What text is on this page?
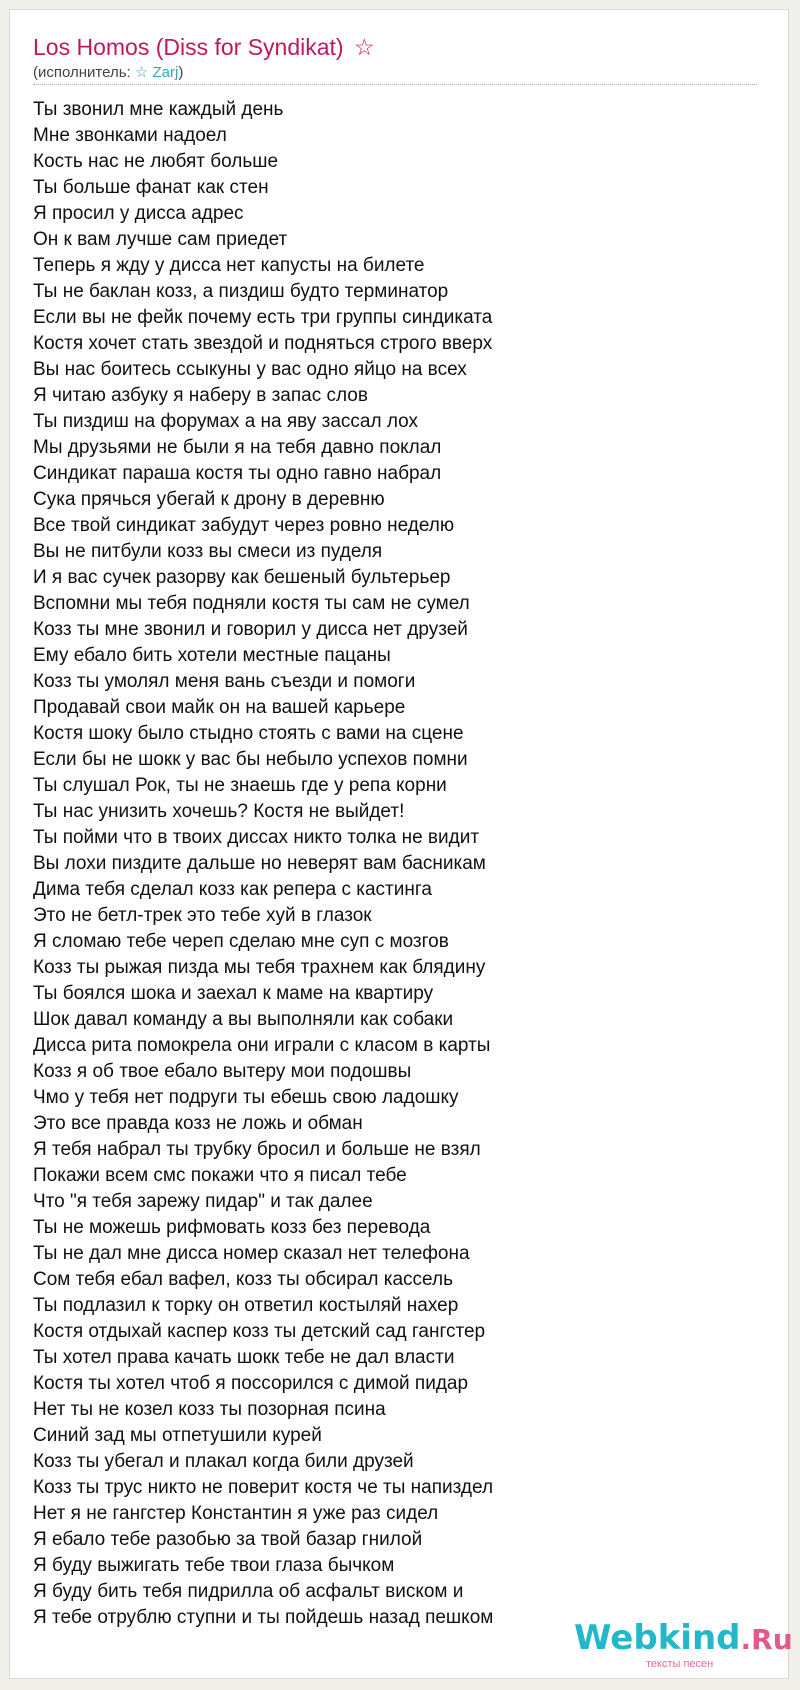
Los Homos (Diss for Syndikat) ☆
(исполнитель: ☆ Zarj)
Ты звонил мне каждый день
Мне звонками надоел
Кость нас не любят больше
Ты больше фанат как стен
Я просил у дисса адрес
Он к вам лучше сам приедет
Теперь я жду у дисса нет капусты на билете
Ты не баклан козз, а пиздиш будто терминатор
Если вы не фейк почему есть три группы синдиката
Костя хочет стать звездой и подняться строго вверх
Вы нас боитесь ссыкуны у вас одно яйцо на всех
Я читаю азбуку я наберу в запас слов
Ты пиздиш на форумах а на яву зассал лох
Мы друзьями не были я на тебя давно поклал
Синдикат параша костя ты одно гавно набрал
Сука прячься убегай к дрону в деревню
Все твой синдикат забудут через ровно неделю
Вы не питбули козз вы смеси из пуделя
И я вас сучек разорву как бешеный бультерьер
Вспомни мы тебя подняли костя ты сам не сумел
Козз ты мне звонил и говорил у дисса нет друзей
Ему ебало бить хотели местные пацаны
Козз ты умолял меня вань съезди и помоги
Продавай свои майк он на вашей карьере
Костя шоку было стыдно стоять с вами на сцене
Если бы не шокк у вас бы небыло успехов помни
Ты слушал Рок, ты не знаешь где у репа корни
Ты нас унизить хочешь? Костя не выйдет!
Ты пойми что в твоих диссах никто толка не видит
Вы лохи пиздите дальше но неверят вам басникам
Дима тебя сделал козз как репера с кастинга
Это не бетл-трек это тебе хуй в глазок
Я сломаю тебе череп сделаю мне суп с мозгов
Козз ты рыжая пизда мы тебя трахнем как блядину
Ты боялся шока и заехал к маме на квартиру
Шок давал команду а вы выполняли как собаки
Дисса рита помокрела они играли с класом в карты
Козз я об твое ебало вытеру мои подошвы
Чмо у тебя нет подруги ты ебешь свою ладошку
Это все правда козз не ложь и обман
Я тебя набрал ты трубку бросил и больше не взял
Покажи всем смс покажи что я писал тебе
Что "я тебя зарежу пидар" и так далее
Ты не можешь рифмовать козз без перевода
Ты не дал мне дисса номер сказал нет телефона
Сом тебя ебал вафел, козз ты обсирал кассель
Ты подлазил к торку он ответил костыляй нахер
Костя отдыхай каспер козз ты детский сад гангстер
Ты хотел права качать шокк тебе не дал власти
Костя ты хотел чтоб я поссорился с димой пидар
Нет ты не козел козз ты позорная псина
Синий зад мы отпетушили курей
Козз ты убегал и плакал когда били друзей
Козз ты трус никто не поверит костя че ты напиздел
Нет я не гангстер Константин я уже раз сидел
Я ебало тебе разобью за твой базар гнилой
Я буду выжигать тебе твои глаза бычком
Я буду бить тебя пидрилла об асфальт виском и
Я тебе отрублю ступни и ты пойдешь назад пешком
Webkind.Ru
тексты песен
